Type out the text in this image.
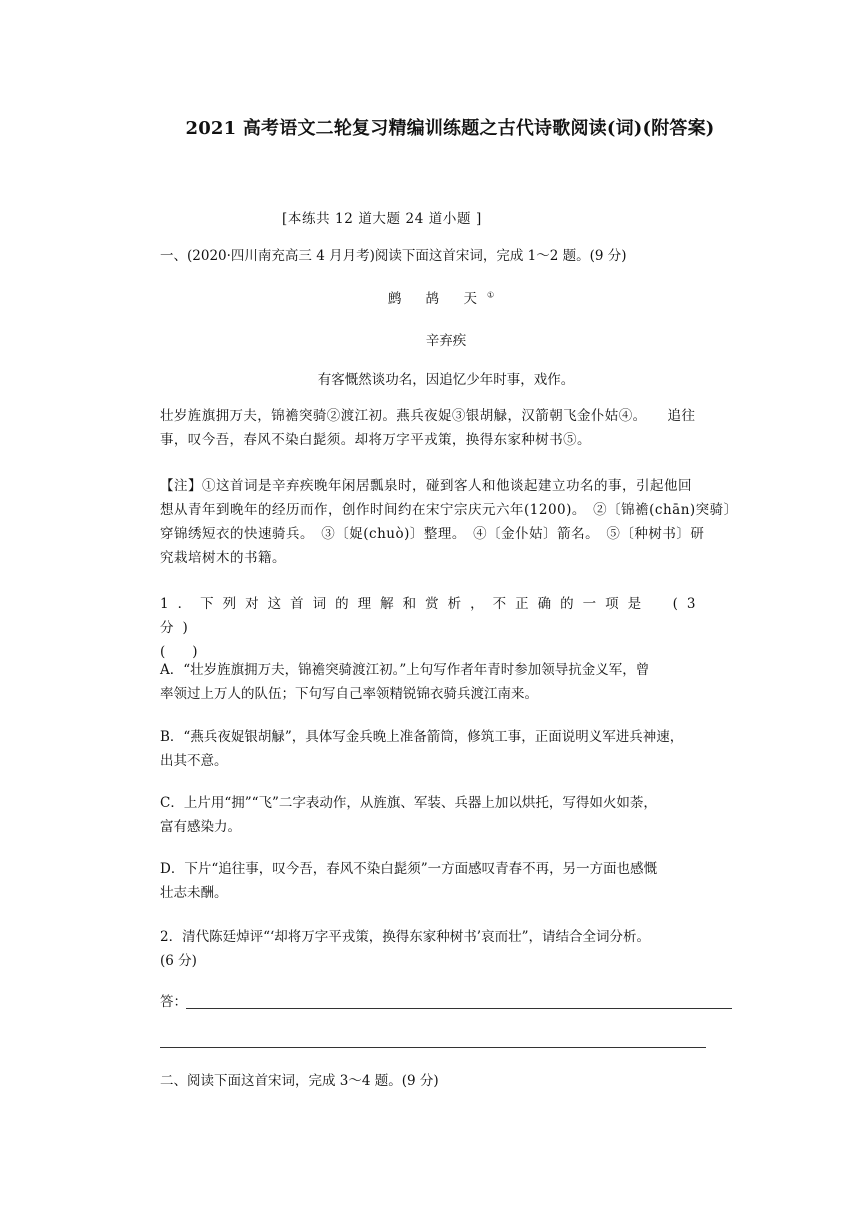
2021 高考语文二轮复习精编训练题之古代诗歌阅读(词)(附答案)
[本练共 12 道大题 24 道小题 ]
一、(2020·四川南充高三 4 月月考)阅读下面这首宋词，完成 1～2 题。(9 分)
鹧 鸪 天①
辛弃疾
有客慨然谈功名，因追忆少年时事，戏作。
壮岁旌旗拥万夫，锦襜突骑②渡江初。燕兵夜娖③银胡觮，汉箭朝飞金仆姑④。　　追往
事，叹今吾，春风不染白髭须。却将万字平戎策，换得东家种树书⑤。
【注】①这首词是辛弃疾晚年闲居瓢泉时，碰到客人和他谈起建立功名的事，引起他回
想从青年到晚年的经历而作，创作时间约在宋宁宗庆元六年(1200)。　②〔锦襜(chān)突骑〕
穿锦绣短衣的快速骑兵。　③〔娖(chuò)〕整理。　④〔金仆姑〕箭名。　⑤〔种树书〕研
究栽培树木的书籍。
1．下列对这首词的理解和赏析，不正确的一项是　(3 分)
(　　)
A．“壮岁旌旗拥万夫，锦襜突骑渡江初。”上句写作者年青时参加领导抗金义军，曾
率领过上万人的队伍；下句写自己率领精锐锦衣骑兵渡江南来。
B．“燕兵夜娖银胡觮”，具体写金兵晚上准备箭筒，修筑工事，正面说明义军进兵神速，
出其不意。
C．上片用“拥”“飞”二字表动作，从旌旗、军装、兵器上加以烘托，写得如火如荼，
富有感染力。
D．下片“追往事，叹今吾，春风不染白髭须”一方面感叹青春不再，另一方面也感慨
壮志未酬。
2．清代陈廷焯评“‘却将万字平戎策，换得东家种树书’哀而壮”，请结合全词分析。
(6 分)
答：
二、阅读下面这首宋词，完成 3～4 题。(9 分)
